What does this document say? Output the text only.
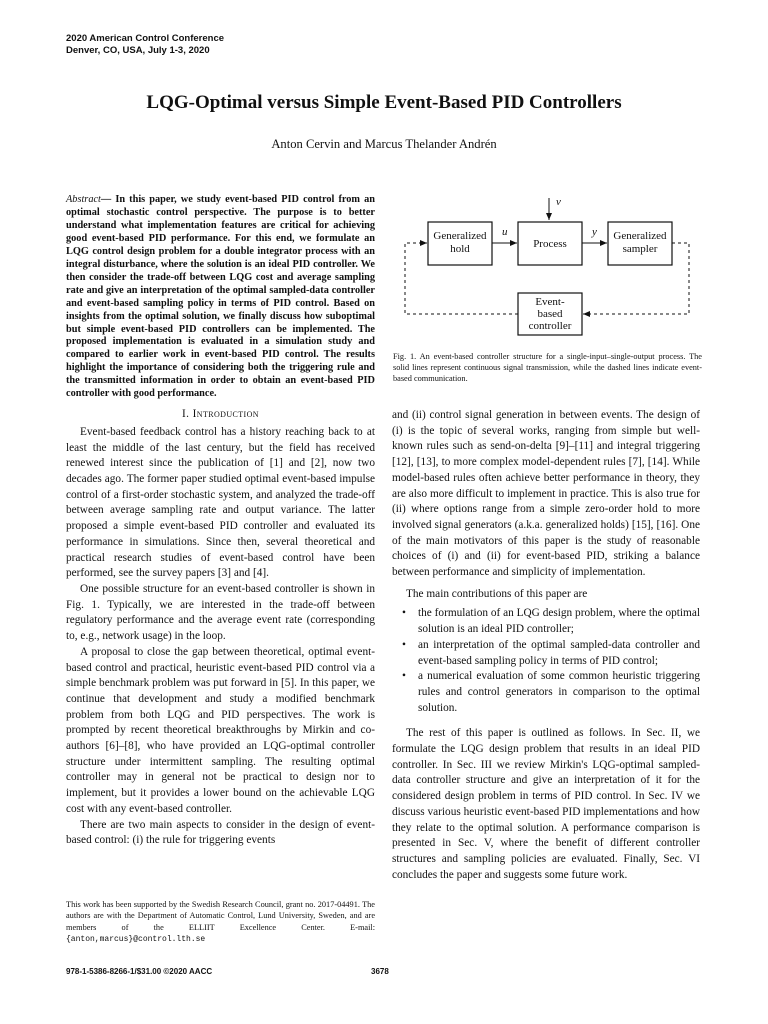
2020 American Control Conference
Denver, CO, USA, July 1-3, 2020
LQG-Optimal versus Simple Event-Based PID Controllers
Anton Cervin and Marcus Thelander Andrén
Abstract— In this paper, we study event-based PID control from an optimal stochastic control perspective. The purpose is to better understand what implementation features are critical for achieving good event-based PID performance. For this end, we formulate an LQG control design problem for a double integrator process with an integral disturbance, where the solution is an ideal PID controller. We then consider the trade-off between LQG cost and average sampling rate and give an interpretation of the optimal sampled-data controller and event-based sampling policy in terms of PID control. Based on insights from the optimal solution, we finally discuss how suboptimal but simple event-based PID controllers can be implemented. The proposed implementation is evaluated in a simulation study and compared to earlier work in event-based PID control. The results highlight the importance of considering both the triggering rule and the transmitted information in order to obtain an event-based PID controller with good performance.
I. Introduction

Event-based feedback control has a history reaching back to at least the middle of the last century, but the field has received renewed interest since the publication of [1] and [2], now two decades ago. The former paper studied optimal event-based impulse control of a first-order stochastic system, and analyzed the trade-off between average sampling rate and output variance. The latter proposed a simple event-based PID controller and evaluated its performance in simulations. Since then, several theoretical and practical research studies of event-based control have been performed, see the survey papers [3] and [4].

One possible structure for an event-based controller is shown in Fig. 1. Typically, we are interested in the trade-off between regulatory performance and the average event rate (corresponding to, e.g., network usage) in the loop.

A proposal to close the gap between theoretical, optimal event-based control and practical, heuristic event-based PID control via a simple benchmark problem was put forward in [5]. In this paper, we continue that development and study a modified benchmark problem from both LQG and PID perspectives. The work is prompted by recent theoretical breakthroughs by Mirkin and co-authors [6]–[8], who have provided an LQG-optimal controller structure under intermittent sampling. The resulting optimal controller may in general not be practical to design nor to implement, but it provides a lower bound on the achievable LQG cost with any event-based controller.

There are two main aspects to consider in the design of event-based control: (i) the rule for triggering events

This work has been supported by the Swedish Research Council, grant no. 2017-04491. The authors are with the Department of Automatic Control, Lund University, Sweden, and are members of the ELLIIT Excellence Center. E-mail: {anton,marcus}@control.lth.se
v
Generalized
hold	Process
Generalized
sampler
u	y
Event-
based
controller
Fig. 1. An event-based controller structure for a single-input–single-output process. The solid lines represent continuous signal transmission, while the dashed lines indicate event-based communication.

and (ii) control signal generation in between events. The design of (i) is the topic of several works, ranging from simple but well-known rules such as send-on-delta [9]–[11] and integral triggering [12], [13], to more complex model-dependent rules [7], [14]. While model-based rules often achieve better performance in theory, they are also more difficult to implement in practice. This is also true for (ii) where options range from a simple zero-order hold to more involved signal generators (a.k.a. generalized holds) [15], [16]. One of the main motivators of this paper is the study of reasonable choices of (i) and (ii) for event-based PID, striking a balance between performance and simplicity of implementation.

The main contributions of this paper are

• the formulation of an LQG design problem, where the optimal solution is an ideal PID controller;
• an interpretation of the optimal sampled-data controller and event-based sampling policy in terms of PID control;
• a numerical evaluation of some common heuristic triggering rules and control generators in comparison to the optimal solution.

The rest of this paper is outlined as follows. In Sec. II, we formulate the LQG design problem that results in an ideal PID controller. In Sec. III we review Mirkin's LQG-optimal sampled-data controller structure and give an interpretation of it for the considered design problem in terms of PID control. In Sec. IV we discuss various heuristic event-based PID implementations and how they relate to the optimal solution. A performance comparison is presented in Sec. V, where the benefit of different controller structures and sampling policies are evaluated. Finally, Sec. VI concludes the paper and suggests some future work.

978-1-5386-8266-1/$31.00 ©2020 AACC	3678
